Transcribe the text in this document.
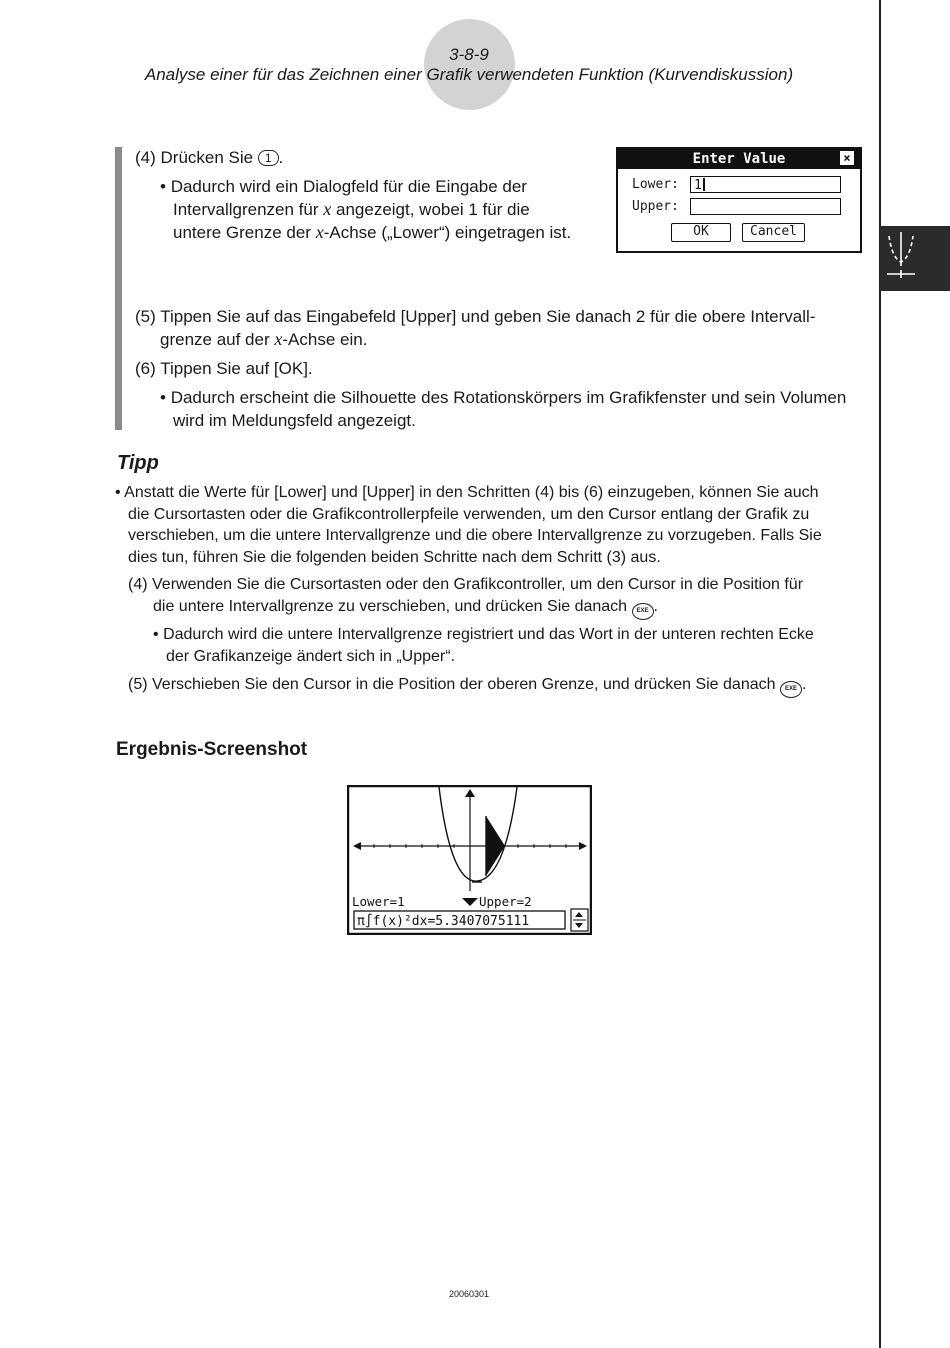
3-8-9
Analyse einer für das Zeichnen einer Grafik verwendeten Funktion (Kurvendiskussion)
(4) Drücken Sie 1 .
• Dadurch wird ein Dialogfeld für die Eingabe der
Intervallgrenzen für x angezeigt, wobei 1 für die
untere Grenze der x-Achse („Lower“) eingetragen ist.
Enter Value	×
Lower:	1
Upper:
OK	Cancel
(5) Tippen Sie auf das Eingabefeld [Upper] und geben Sie danach 2 für die obere Intervall-
grenze auf der x-Achse ein.
(6) Tippen Sie auf [OK].
• Dadurch erscheint die Silhouette des Rotationskörpers im Grafikfenster und sein Volumen
wird im Meldungsfeld angezeigt.
Tipp
• Anstatt die Werte für [Lower] und [Upper] in den Schritten (4) bis (6) einzugeben, können Sie auch
die Cursortasten oder die Grafikcontrollerpfeile verwenden, um den Cursor entlang der Grafik zu
verschieben, um die untere Intervallgrenze und die obere Intervallgrenze zu vorzugeben. Falls Sie
dies tun, führen Sie die folgenden beiden Schritte nach dem Schritt (3) aus.
(4) Verwenden Sie die Cursortasten oder den Grafikcontroller, um den Cursor in die Position für
die untere Intervallgrenze zu verschieben, und drücken Sie danach EXE .
• Dadurch wird die untere Intervallgrenze registriert und das Wort in der unteren rechten Ecke
der Grafikanzeige ändert sich in „Upper“.
(5) Verschieben Sie den Cursor in die Position der oberen Grenze, und drücken Sie danach EXE .
Ergebnis-Screenshot
Lower=1	Upper=2
π∫f(x)²dx=5.3407075111
20060301
